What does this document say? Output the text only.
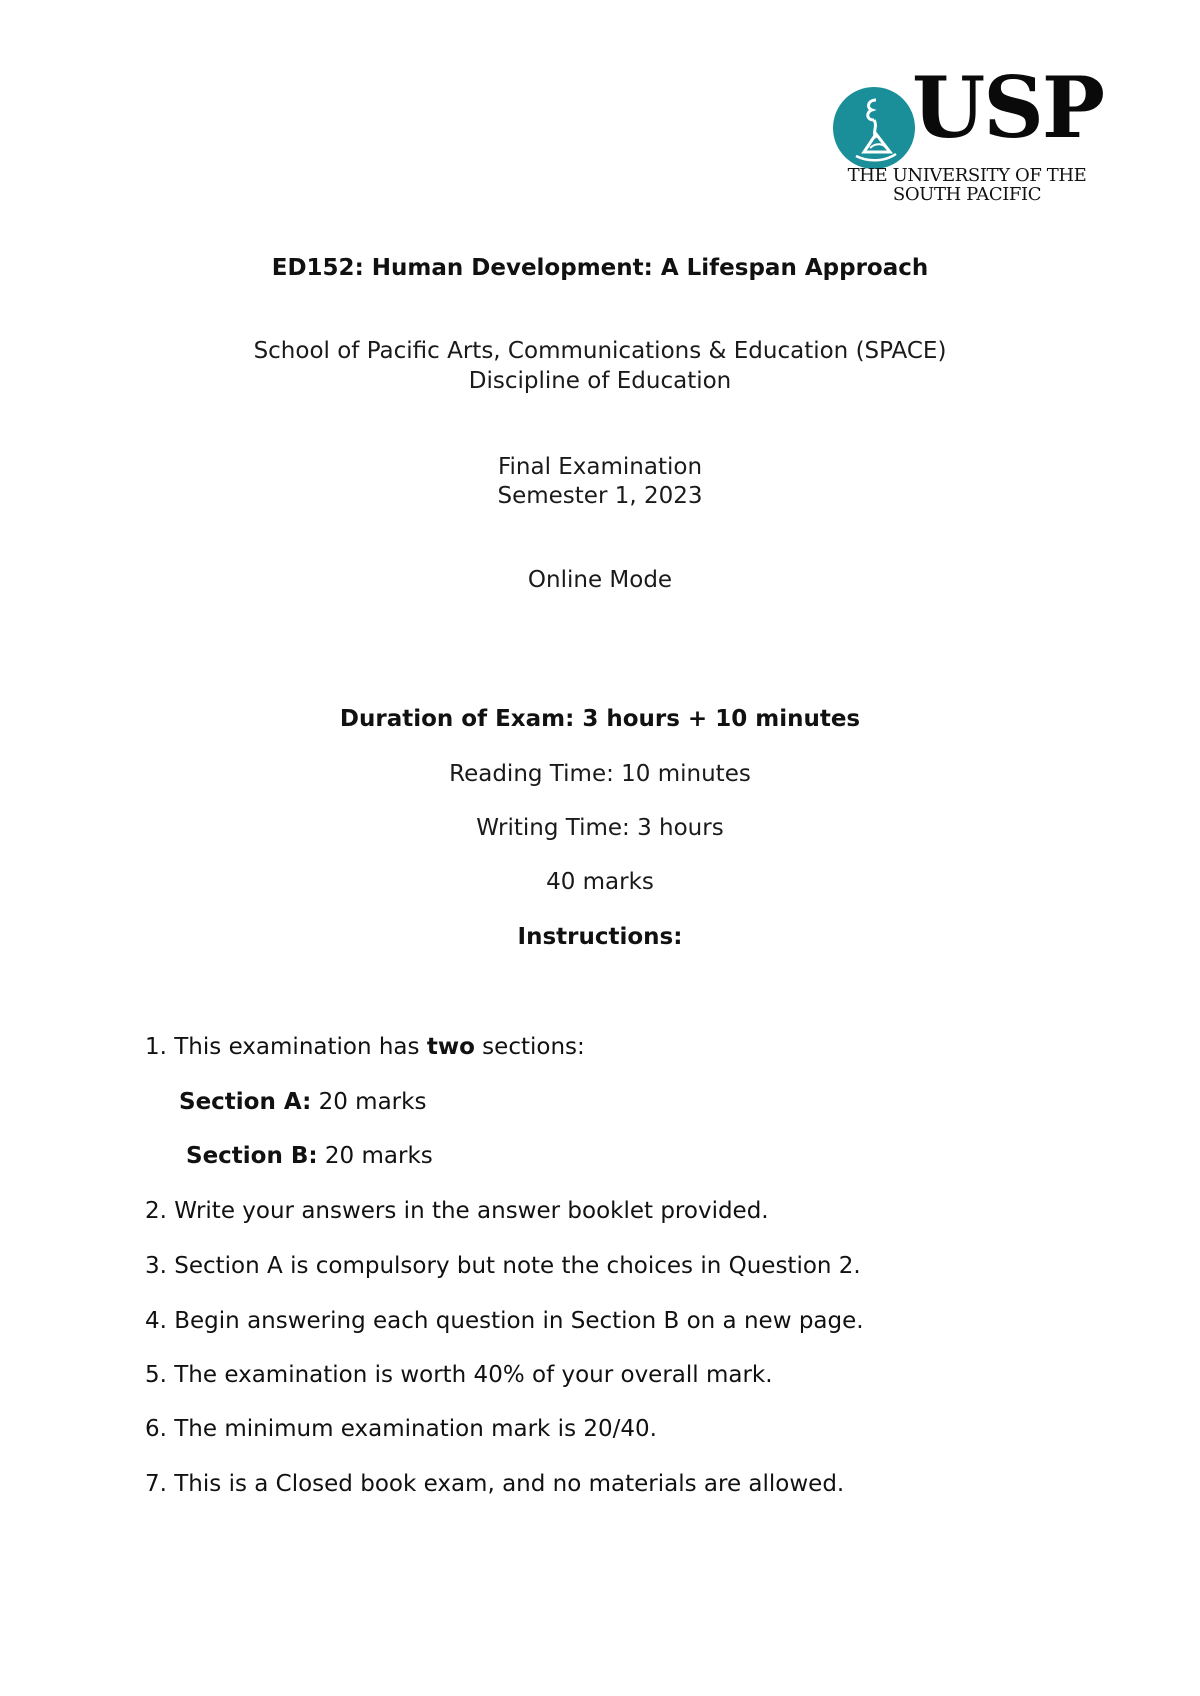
USP
THE UNIVERSITY OF THE
SOUTH PACIFIC
ED152: Human Development: A Lifespan Approach
School of Pacific Arts, Communications & Education (SPACE)
Discipline of Education
Final Examination
Semester 1, 2023
Online Mode
Duration of Exam: 3 hours + 10 minutes
Reading Time: 10 minutes
Writing Time: 3 hours
40 marks
Instructions:
1. This examination has two sections:
Section A: 20 marks
Section B: 20 marks
2. Write your answers in the answer booklet provided.
3. Section A is compulsory but note the choices in Question 2.
4. Begin answering each question in Section B on a new page.
5. The examination is worth 40% of your overall mark.
6. The minimum examination mark is 20/40.
7. This is a Closed book exam, and no materials are allowed.
